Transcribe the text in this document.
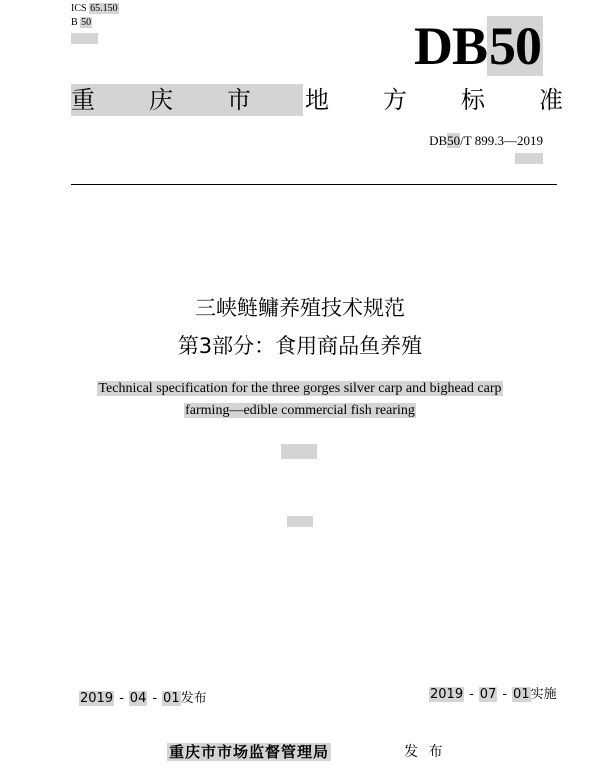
ICS 65.150
B 50	DB50
重 庆 市 地 方 标 准
DB50/T 899.3—2019
三峡鲢鳙养殖技术规范
第3部分：食用商品鱼养殖
Technical specification for the three gorges silver carp and bighead carp
farming—edible commercial fish rearing
2019 - 04 - 01发布	2019 - 07 - 01实施
重庆市市场监督管理局	发 布
